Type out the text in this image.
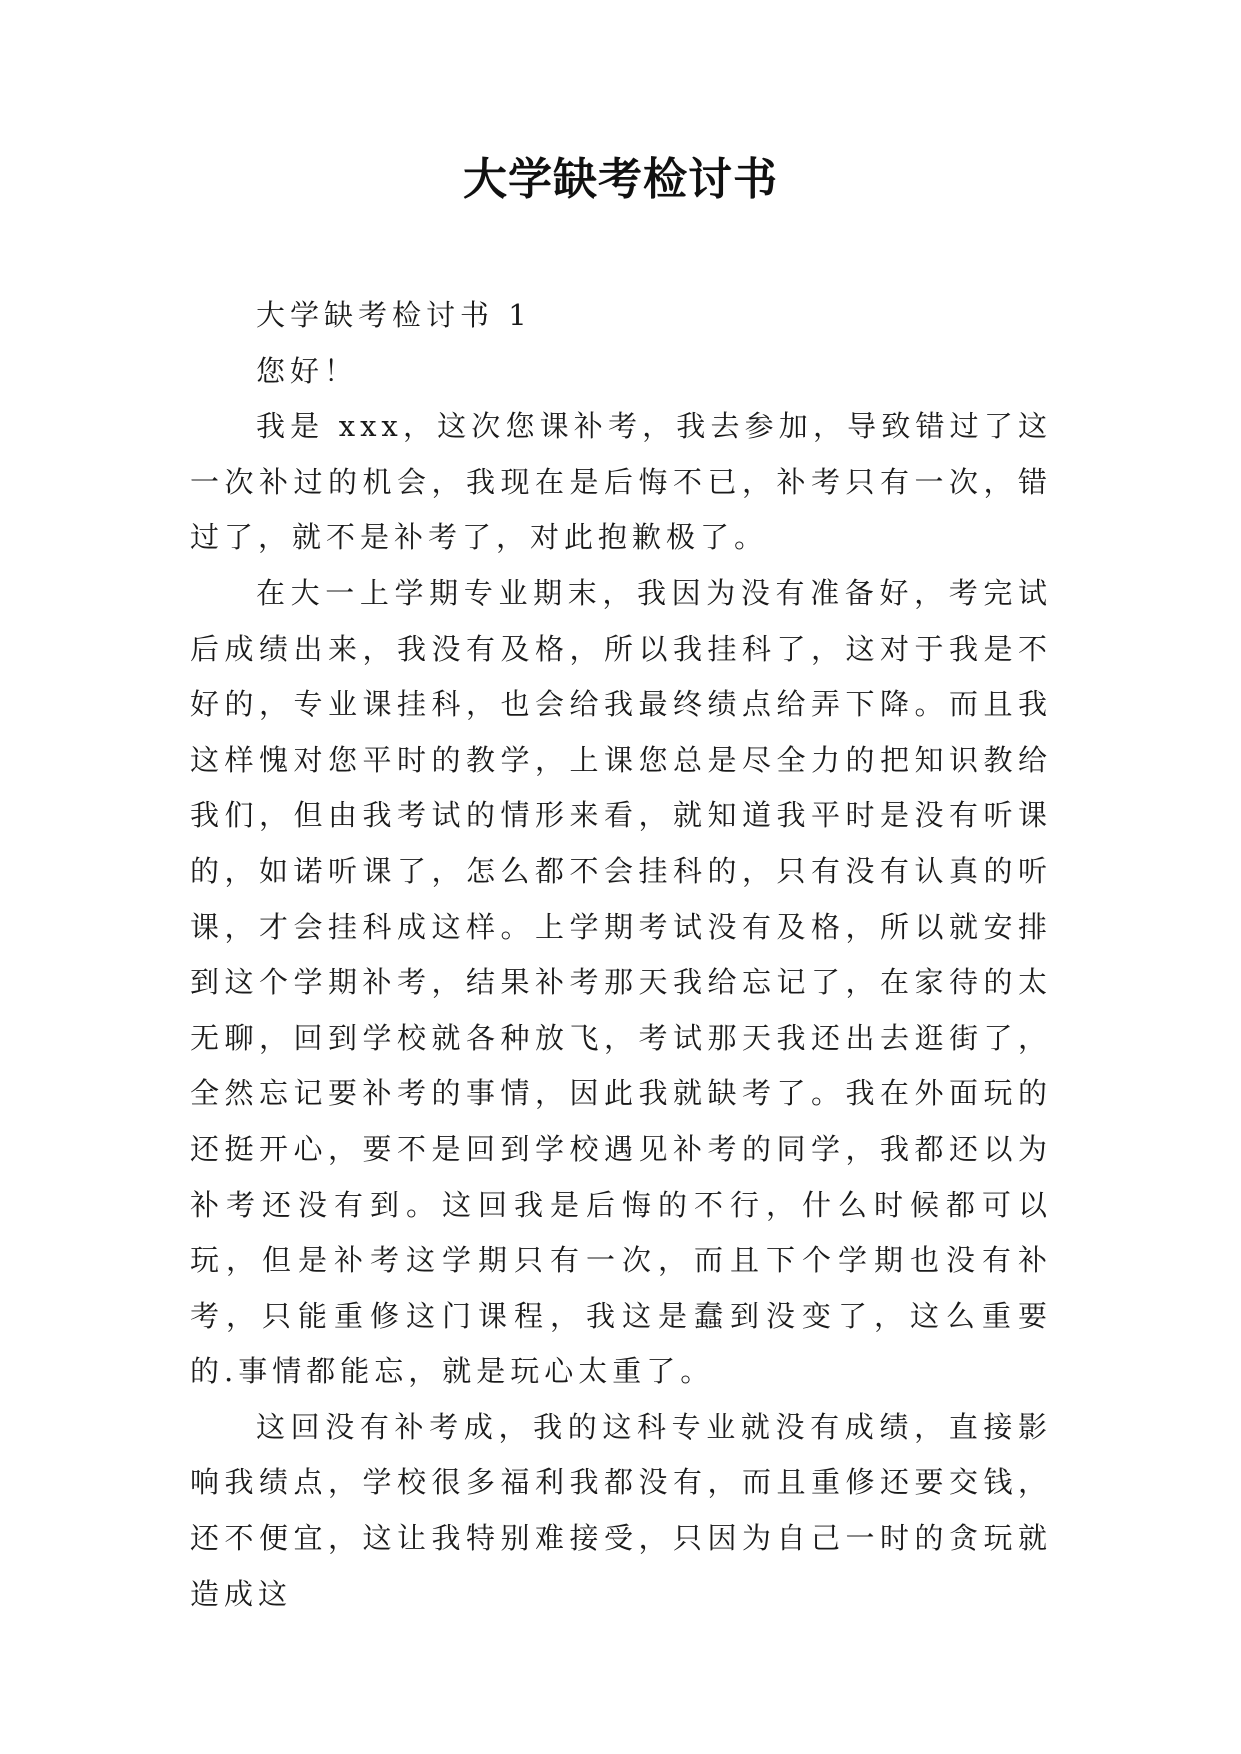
大学缺考检讨书

大学缺考检讨书 1

您好！

我是 xxx，这次您课补考，我去参加，导致错过了这一次补过的机会，我现在是后悔不已，补考只有一次，错过了，就不是补考了，对此抱歉极了。

在大一上学期专业期末，我因为没有准备好，考完试后成绩出来，我没有及格，所以我挂科了，这对于我是不好的，专业课挂科，也会给我最终绩点给弄下降。而且我这样愧对您平时的教学，上课您总是尽全力的把知识教给我们，但由我考试的情形来看，就知道我平时是没有听课的，如诺听课了，怎么都不会挂科的，只有没有认真的听课，才会挂科成这样。上学期考试没有及格，所以就安排到这个学期补考，结果补考那天我给忘记了，在家待的太无聊，回到学校就各种放飞，考试那天我还出去逛街了，全然忘记要补考的事情，因此我就缺考了。我在外面玩的还挺开心，要不是回到学校遇见补考的同学，我都还以为补考还没有到。这回我是后悔的不行，什么时候都可以玩，但是补考这学期只有一次，而且下个学期也没有补考，只能重修这门课程，我这是蠢到没变了，这么重要的.事情都能忘，就是玩心太重了。

这回没有补考成，我的这科专业就没有成绩，直接影响我绩点，学校很多福利我都没有，而且重修还要交钱，还不便宜，这让我特别难接受，只因为自己一时的贪玩就造成这
